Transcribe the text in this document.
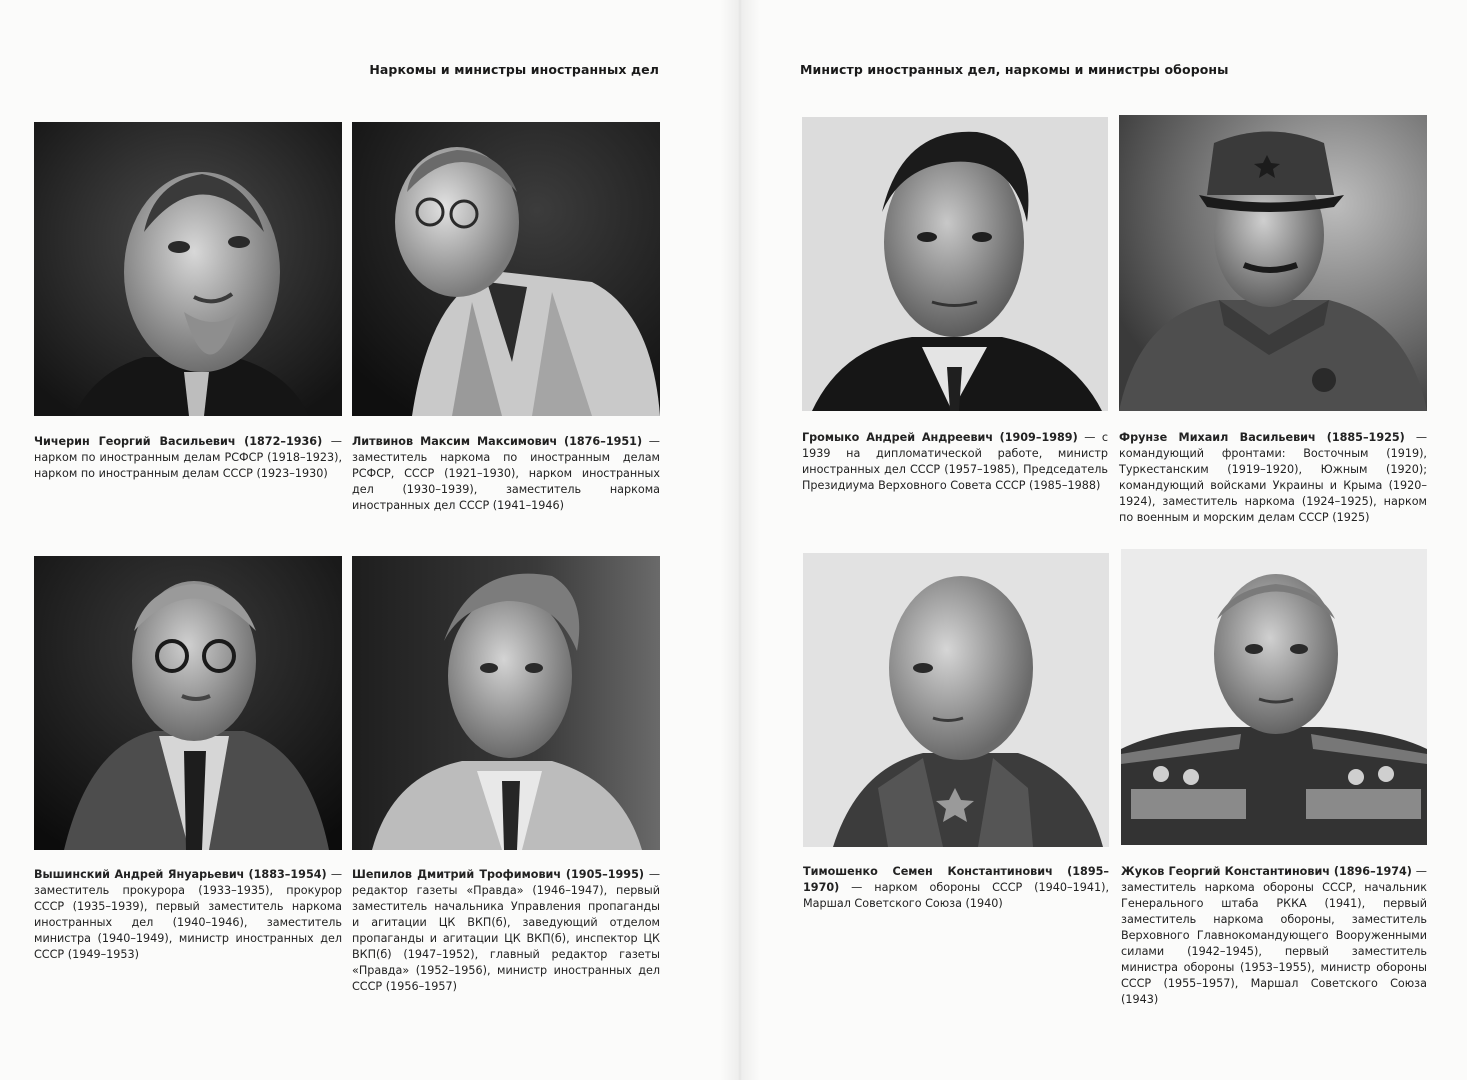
Наркомы и министры иностранных дел	Министр иностранных дел, наркомы и министры обороны
Чичерин Георгий Васильевич (1872–1936) — нарком по иностранным делам РСФСР (1918–1923), нарком по иностранным делам СССР (1923–1930)
Литвинов Максим Максимович (1876–1951) — заместитель наркома по иностранным делам РСФСР, СССР (1921–1930), нарком иностранных дел (1930–1939), заместитель наркома иностранных дел СССР (1941–1946)
Вышинский Андрей Януарьевич (1883–1954) — заместитель прокурора (1933–1935), прокурор СССР (1935–1939), первый заместитель наркома иностранных дел (1940–1946), заместитель министра (1940–1949), министр иностранных дел СССР (1949–1953)
Шепилов Дмитрий Трофимович (1905–1995) — редактор газеты «Правда» (1946–1947), первый заместитель начальника Управления пропаганды и агитации ЦК ВКП(б), заведующий отделом пропаганды и агитации ЦК ВКП(б), инспектор ЦК ВКП(б) (1947–1952), главный редактор газеты «Правда» (1952–1956), министр иностранных дел СССР (1956–1957)
Громыко Андрей Андреевич (1909–1989) — с 1939 на дипломатической работе, министр иностранных дел СССР (1957–1985), Председатель Президиума Верховного Совета СССР (1985–1988)
Фрунзе Михаил Васильевич (1885–1925) — командующий фронтами: Восточным (1919), Туркестанским (1919–1920), Южным (1920); командующий войсками Украины и Крыма (1920–1924), заместитель наркома (1924–1925), нарком по военным и морским делам СССР (1925)
Тимошенко Семен Константинович (1895–1970) — нарком обороны СССР (1940–1941), Маршал Советского Союза (1940)
Жуков Георгий Константинович (1896–1974) — заместитель наркома обороны СССР, начальник Генерального штаба РККА (1941), первый заместитель наркома обороны, заместитель Верховного Главнокомандующего Вооруженными силами (1942–1945), первый заместитель министра обороны (1953–1955), министр обороны СССР (1955–1957), Маршал Советского Союза (1943)
